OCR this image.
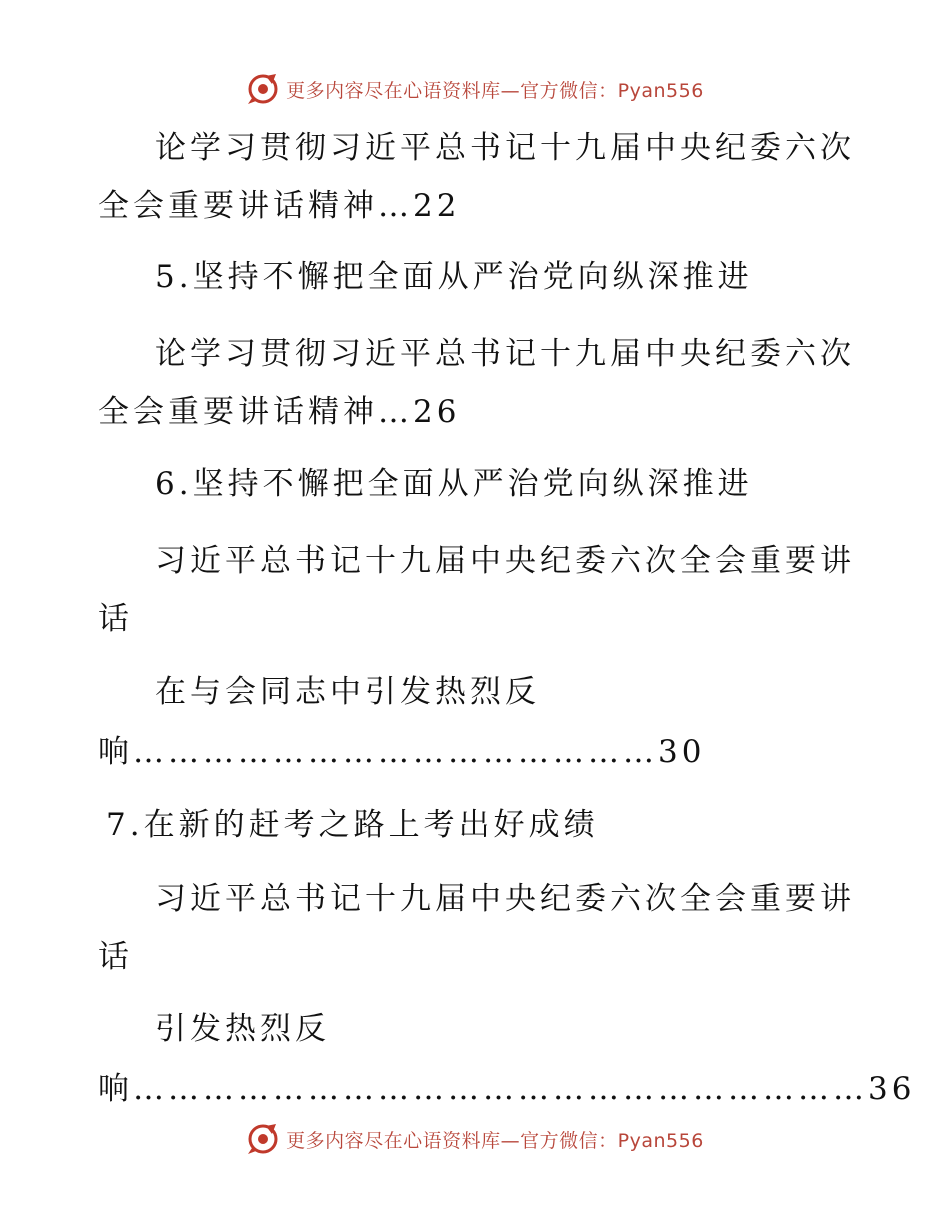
更多内容尽在心语资料库—官方微信：Pyan556
论学习贯彻习近平总书记十九届中央纪委六次
全会重要讲话精神…22
5.坚持不懈把全面从严治党向纵深推进
论学习贯彻习近平总书记十九届中央纪委六次
全会重要讲话精神…26
6.坚持不懈把全面从严治党向纵深推进
习近平总书记十九届中央纪委六次全会重要讲
话
在与会同志中引发热烈反
响………………………………………30
7.在新的赶考之路上考出好成绩
习近平总书记十九届中央纪委六次全会重要讲
话
引发热烈反
响………………………………………………………36
更多内容尽在心语资料库—官方微信：Pyan556
